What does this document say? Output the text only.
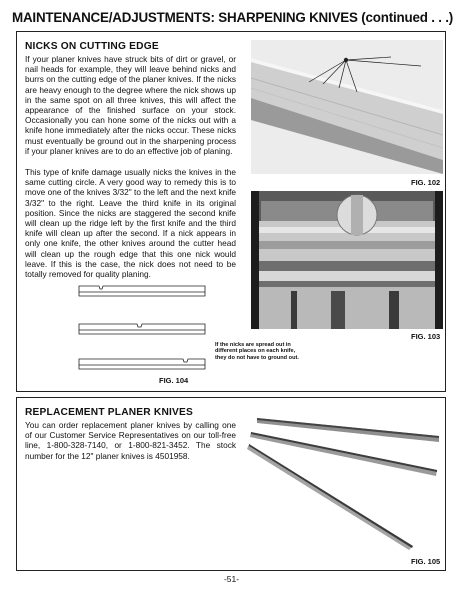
MAINTENANCE/ADJUSTMENTS: SHARPENING KNIVES (continued . . .)
NICKS ON CUTTING EDGE

If your planer knives have struck bits of dirt or gravel, or nail heads for example, they will leave behind nicks and burrs on the cutting edge of the planer knives. If the nicks are heavy enough to the degree where the nick shows up in the same spot on all three knives, this will affect the appearance of the finished surface on your stock. Occasionally you can hone some of the nicks out with a knife hone immediately after the nicks occur. These nicks must eventually be ground out in the sharpening process if your planer knives are to do an effective job of planing.

This type of knife damage usually nicks the knives in the same cutting circle. A very good way to remedy this is to move one of the knives 3/32" to the left and the next knife 3/32" to the right. Leave the third knife in its original position. Since the nicks are staggered the second knife will clean up the ridge left by the first knife and the third knife will clean up after the second. If a nick appears in only one knife, the other knives around the cutter head will clean up the rough edge that this one nick would leave. If this is the case, the nick does not need to be totally removed for quality planing.

FIG. 102
FIG. 103
If the nicks are spread out in different places on each knife, they do not have to ground out.
FIG. 104
REPLACEMENT PLANER KNIVES

You can order replacement planer knives by calling one of our Customer Service Representatives on our toll-free line, 1-800-328-7140, or 1-800-821-3452. The stock number for the 12" planer knives is 4501958.

FIG. 105
-51-
